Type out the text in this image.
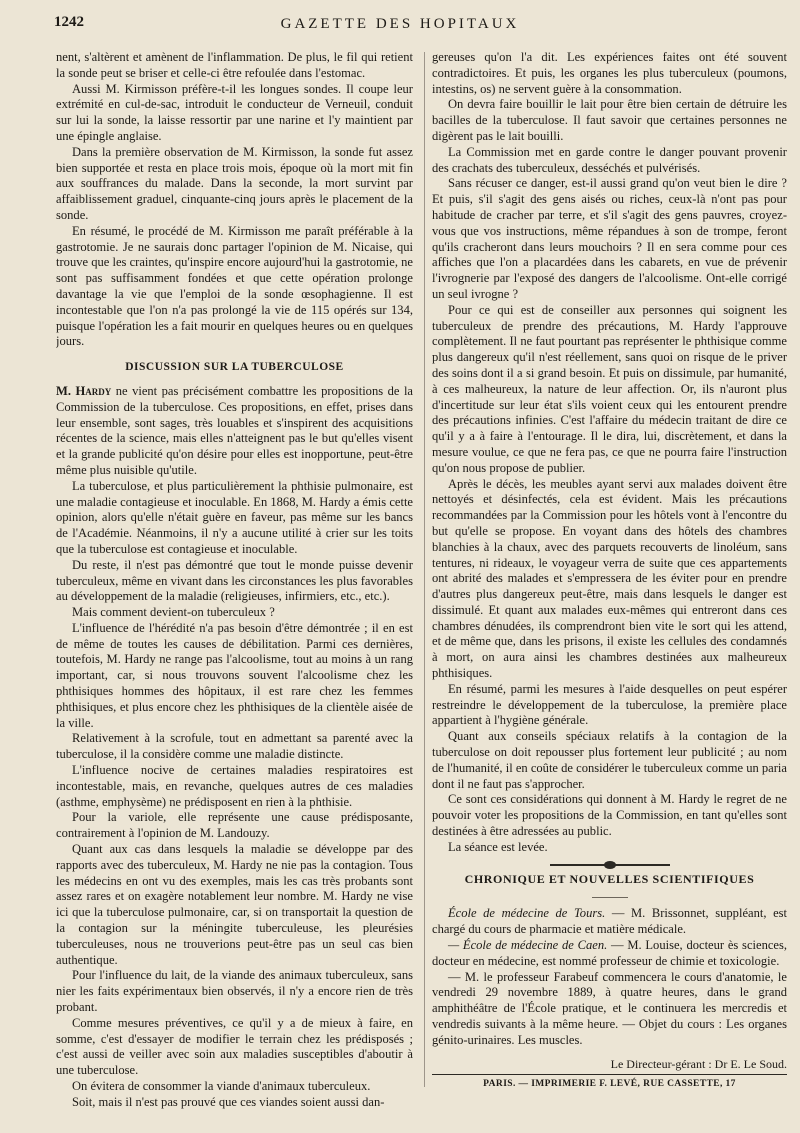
1242	GAZETTE DES HOPITAUX

nent, s'altèrent et amènent de l'inflammation. De plus, le fil qui retient la sonde peut se briser et celle-ci être refoulée dans l'estomac.

Aussi M. Kirmisson préfère-t-il les longues sondes. Il coupe leur extrémité en cul-de-sac, introduit le conducteur de Verneuil, conduit sur lui la sonde, la laisse ressortir par une narine et l'y maintient par une épingle anglaise.

Dans la première observation de M. Kirmisson, la sonde fut assez bien supportée et resta en place trois mois, époque où la mort mit fin aux souffrances du malade. Dans la seconde, la mort survint par affaiblissement graduel, cinquante-cinq jours après le placement de la sonde.

En résumé, le procédé de M. Kirmisson me paraît préférable à la gastrotomie. Je ne saurais donc partager l'opinion de M. Nicaise, qui trouve que les craintes, qu'inspire encore aujourd'hui la gastrotomie, ne sont pas suffisamment fondées et que cette opération prolonge davantage la vie que l'emploi de la sonde œsophagienne. Il est incontestable que l'on n'a pas prolongé la vie de 115 opérés sur 134, puisque l'opération les a fait mourir en quelques heures ou en quelques jours.

DISCUSSION SUR LA TUBERCULOSE

M. Hardy ne vient pas précisément combattre les propositions de la Commission de la tuberculose. Ces propositions, en effet, prises dans leur ensemble, sont sages, très louables et s'inspirent des acquisitions récentes de la science, mais elles n'atteignent pas le but qu'elles visent et la grande publicité qu'on désire pour elles est inopportune, peut-être même plus nuisible qu'utile.

La tuberculose, et plus particulièrement la phthisie pulmonaire, est une maladie contagieuse et inoculable. En 1868, M. Hardy a émis cette opinion, alors qu'elle n'était guère en faveur, pas même sur les bancs de l'Académie. Néanmoins, il n'y a aucune utilité à crier sur les toits que la tuberculose est contagieuse et inoculable.

Du reste, il n'est pas démontré que tout le monde puisse devenir tuberculeux, même en vivant dans les circonstances les plus favorables au développement de la maladie (religieuses, infirmiers, etc., etc.).

Mais comment devient-on tuberculeux ?

L'influence de l'hérédité n'a pas besoin d'être démontrée ; il en est de même de toutes les causes de débilitation. Parmi ces dernières, toutefois, M. Hardy ne range pas l'alcoolisme, tout au moins à un rang important, car, si nous trouvons souvent l'alcoolisme chez les phthisiques hommes des hôpitaux, il est rare chez les femmes phthisiques, et plus encore chez les phthisiques de la clientèle aisée de la ville.

Relativement à la scrofule, tout en admettant sa parenté avec la tuberculose, il la considère comme une maladie distincte.

L'influence nocive de certaines maladies respiratoires est incontestable, mais, en revanche, quelques autres de ces maladies (asthme, emphysème) ne prédisposent en rien à la phthisie.

Pour la variole, elle représente une cause prédisposante, contrairement à l'opinion de M. Landouzy.

Quant aux cas dans lesquels la maladie se développe par des rapports avec des tuberculeux, M. Hardy ne nie pas la contagion. Tous les médecins en ont vu des exemples, mais les cas très probants sont assez rares et on exagère notablement leur nombre. M. Hardy ne vise ici que la tuberculose pulmonaire, car, si on transportait la question de la contagion sur la méningite tuberculeuse, les pleurésies tuberculeuses, nous ne trouverions peut-être pas un seul cas bien authentique.

Pour l'influence du lait, de la viande des animaux tuberculeux, sans nier les faits expérimentaux bien observés, il n'y a encore rien de très probant.

Comme mesures préventives, ce qu'il y a de mieux à faire, en somme, c'est d'essayer de modifier le terrain chez les prédisposés ; c'est aussi de veiller avec soin aux maladies susceptibles d'aboutir à une tuberculose.

On évitera de consommer la viande d'animaux tuberculeux.

Soit, mais il n'est pas prouvé que ces viandes soient aussi dan-

gereuses qu'on l'a dit. Les expériences faites ont été souvent contradictoires. Et puis, les organes les plus tuberculeux (poumons, intestins, os) ne servent guère à la consommation.

On devra faire bouillir le lait pour être bien certain de détruire les bacilles de la tuberculose. Il faut savoir que certaines personnes ne digèrent pas le lait bouilli.

La Commission met en garde contre le danger pouvant provenir des crachats des tuberculeux, desséchés et pulvérisés.

Sans récuser ce danger, est-il aussi grand qu'on veut bien le dire ? Et puis, s'il s'agit des gens aisés ou riches, ceux-là n'ont pas pour habitude de cracher par terre, et s'il s'agit des gens pauvres, croyez-vous que vos instructions, même répandues à son de trompe, feront qu'ils cracheront dans leurs mouchoirs ? Il en sera comme pour ces affiches que l'on a placardées dans les cabarets, en vue de prévenir l'ivrognerie par l'exposé des dangers de l'alcoolisme. Ont-elle corrigé un seul ivrogne ?

Pour ce qui est de conseiller aux personnes qui soignent les tuberculeux de prendre des précautions, M. Hardy l'approuve complètement. Il ne faut pourtant pas représenter le phthisique comme plus dangereux qu'il n'est réellement, sans quoi on risque de le priver des soins dont il a si grand besoin. Et puis on dissimule, par humanité, à ces malheureux, la nature de leur affection. Or, ils n'auront plus d'incertitude sur leur état s'ils voient ceux qui les entourent prendre des précautions infinies. C'est l'affaire du médecin traitant de dire ce qu'il y a à faire à l'entourage. Il le dira, lui, discrètement, et dans la mesure voulue, ce que ne fera pas, ce que ne pourra faire l'instruction qu'on nous propose de publier.

Après le décès, les meubles ayant servi aux malades doivent être nettoyés et désinfectés, cela est évident. Mais les précautions recommandées par la Commission pour les hôtels vont à l'encontre du but qu'elle se propose. En voyant dans des hôtels des chambres blanchies à la chaux, avec des parquets recouverts de linoléum, sans tentures, ni rideaux, le voyageur verra de suite que ces appartements ont abrité des malades et s'empressera de les éviter pour en prendre d'autres plus dangereux peut-être, mais dans lesquels le danger est dissimulé. Et quant aux malades eux-mêmes qui entreront dans ces chambres dénudées, ils comprendront bien vite le sort qui les attend, et de même que, dans les prisons, il existe les cellules des condamnés à mort, on aura ainsi les chambres destinées aux malheureux phthisiques.

En résumé, parmi les mesures à l'aide desquelles on peut espérer restreindre le développement de la tuberculose, la première place appartient à l'hygiène générale.

Quant aux conseils spéciaux relatifs à la contagion de la tuberculose on doit repousser plus fortement leur publicité ; au nom de l'humanité, il en coûte de considérer le tuberculeux comme un paria dont il ne faut pas s'approcher.

Ce sont ces considérations qui donnent à M. Hardy le regret de ne pouvoir voter les propositions de la Commission, en tant qu'elles sont destinées à être adressées au public.

La séance est levée.

CHRONIQUE ET NOUVELLES SCIENTIFIQUES

École de médecine de Tours. — M. Brissonnet, suppléant, est chargé du cours de pharmacie et matière médicale.

— École de médecine de Caen. — M. Louise, docteur ès sciences, docteur en médecine, est nommé professeur de chimie et toxicologie.

— M. le professeur Farabeuf commencera le cours d'anatomie, le vendredi 29 novembre 1889, à quatre heures, dans le grand amphithéâtre de l'École pratique, et le continuera les mercredis et vendredis suivants à la même heure. — Objet du cours : Les organes génito-urinaires. Les muscles.

Le Directeur-gérant : Dr E. Le Soud.
PARIS. — IMPRIMERIE F. LEVÉ, RUE CASSETTE, 17
